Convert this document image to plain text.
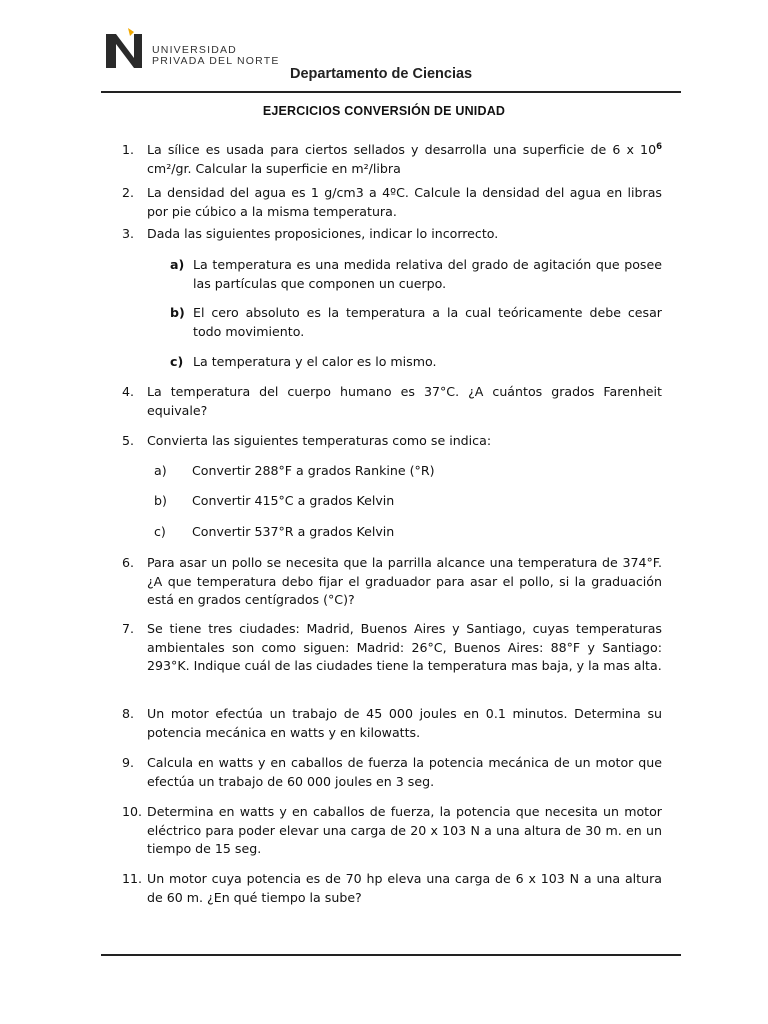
UNIVERSIDAD
PRIVADA DEL NORTE
Departamento de Ciencias
EJERCICIOS CONVERSIÓN DE UNIDAD
1.	La sílice es usada para ciertos sellados y desarrolla una superficie de 6 x $10^6$ cm²/gr. Calcular la superficie en m²/libra
2.	La densidad del agua es 1 g/cm3 a 4ºC. Calcule la densidad del agua en libras por pie cúbico a la misma temperatura.
3.	Dada las siguientes proposiciones, indicar lo incorrecto.
a) La temperatura es una medida relativa del grado de agitación que posee las partículas que componen un cuerpo.
b) El cero absoluto es la temperatura a la cual teóricamente debe cesar todo movimiento.
c) La temperatura y el calor es lo mismo.
4.	La temperatura del cuerpo humano es 37°C. ¿A cuántos grados Farenheit equivale?
5.	Convierta las siguientes temperaturas como se indica:
a) Convertir 288°F a grados Rankine (°R)
b) Convertir 415°C a grados Kelvin
c) Convertir 537°R a grados Kelvin
6.	Para asar un pollo se necesita que la parrilla alcance una temperatura de 374°F. ¿A que temperatura debo fijar el graduador para asar el pollo, si la graduación está en grados centígrados (°C)?
7.	Se tiene tres ciudades: Madrid, Buenos Aires y Santiago, cuyas temperaturas ambientales son como siguen: Madrid: 26°C, Buenos Aires: 88°F y Santiago: 293°K. Indique cuál de las ciudades tiene la temperatura mas baja, y la mas alta.
8.	Un motor efectúa un trabajo de 45 000 joules en 0.1 minutos. Determina su potencia mecánica en watts y en kilowatts.
9.	Calcula en watts y en caballos de fuerza la potencia mecánica de un motor que efectúa un trabajo de 60 000 joules en 3 seg.
10. Determina en watts y en caballos de fuerza, la potencia que necesita un motor eléctrico para poder elevar una carga de 20 x 103 N a una altura de 30 m. en un tiempo de 15 seg.
11. Un motor cuya potencia es de 70 hp eleva una carga de 6 x 103 N a una altura de 60 m. ¿En qué tiempo la sube?
